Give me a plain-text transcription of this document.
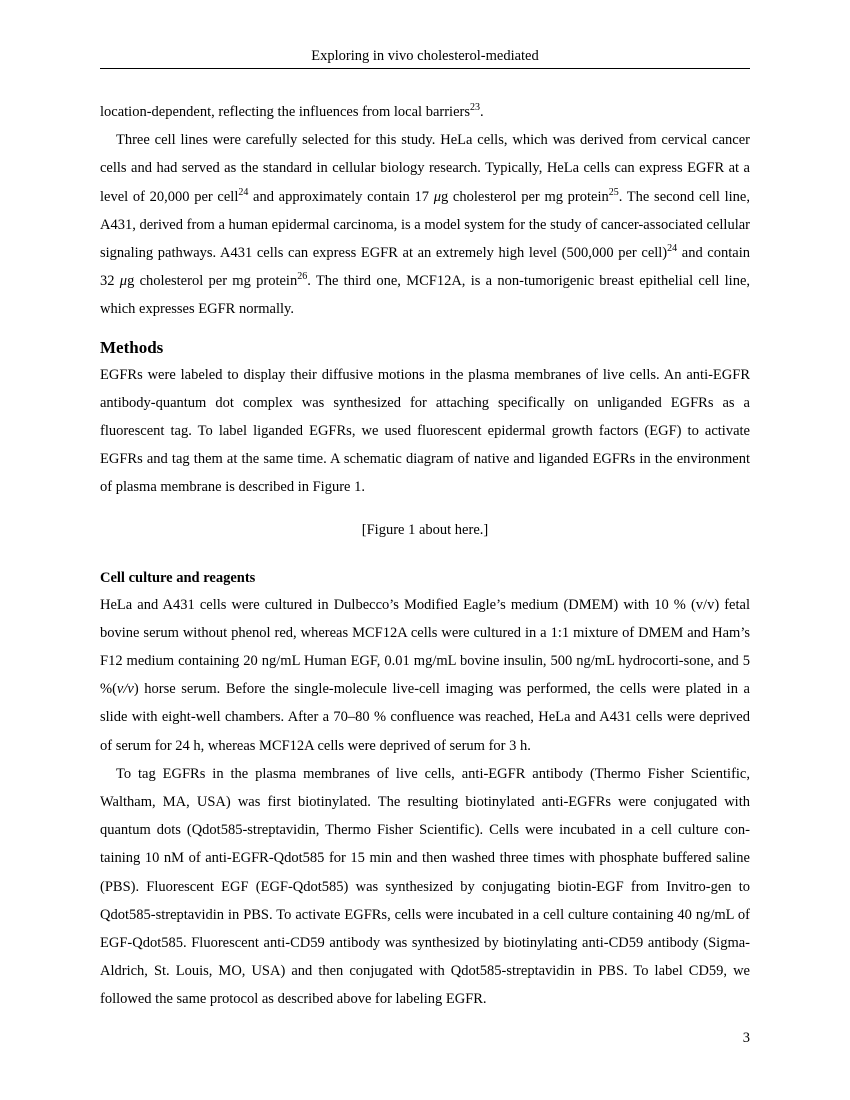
Exploring in vivo cholesterol-mediated

location-dependent, reflecting the influences from local barriers$^{23}$.

Three cell lines were carefully selected for this study. HeLa cells, which was derived from cervical cancer cells and had served as the standard in cellular biology research. Typically, HeLa cells can express EGFR at a level of 20,000 per cell$^{24}$ and approximately contain 17 μg cholesterol per mg protein$^{25}$. The second cell line, A431, derived from a human epidermal carcinoma, is a model system for the study of cancer-associated cellular signaling pathways. A431 cells can express EGFR at an extremely high level (500,000 per cell)$^{24}$ and contain 32 μg cholesterol per mg protein$^{26}$. The third one, MCF12A, is a non-tumorigenic breast epithelial cell line, which expresses EGFR normally.

Methods

EGFRs were labeled to display their diffusive motions in the plasma membranes of live cells. An anti-EGFR antibody-quantum dot complex was synthesized for attaching specifically on unliganded EGFRs as a fluorescent tag. To label liganded EGFRs, we used fluorescent epidermal growth factors (EGF) to activate EGFRs and tag them at the same time. A schematic diagram of native and liganded EGFRs in the environment of plasma membrane is described in Figure 1.

[Figure 1 about here.]
Cell culture and reagents

HeLa and A431 cells were cultured in Dulbecco’s Modified Eagle’s medium (DMEM) with 10 % (v/v) fetal bovine serum without phenol red, whereas MCF12A cells were cultured in a 1:1 mixture of DMEM and Ham’s F12 medium containing 20 ng/mL Human EGF, 0.01 mg/mL bovine insulin, 500 ng/mL hydrocorti-sone, and 5 %(v/v) horse serum. Before the single-molecule live-cell imaging was performed, the cells were plated in a slide with eight-well chambers. After a 70–80 % confluence was reached, HeLa and A431 cells were deprived of serum for 24 h, whereas MCF12A cells were deprived of serum for 3 h.

To tag EGFRs in the plasma membranes of live cells, anti-EGFR antibody (Thermo Fisher Scientific, Waltham, MA, USA) was first biotinylated. The resulting biotinylated anti-EGFRs were conjugated with quantum dots (Qdot585-streptavidin, Thermo Fisher Scientific). Cells were incubated in a cell culture con-taining 10 nM of anti-EGFR-Qdot585 for 15 min and then washed three times with phosphate buffered saline (PBS). Fluorescent EGF (EGF-Qdot585) was synthesized by conjugating biotin-EGF from Invitro-gen to Qdot585-streptavidin in PBS. To activate EGFRs, cells were incubated in a cell culture containing 40 ng/mL of EGF-Qdot585. Fluorescent anti-CD59 antibody was synthesized by biotinylating anti-CD59 antibody (Sigma-Aldrich, St. Louis, MO, USA) and then conjugated with Qdot585-streptavidin in PBS. To label CD59, we followed the same protocol as described above for labeling EGFR.

3
